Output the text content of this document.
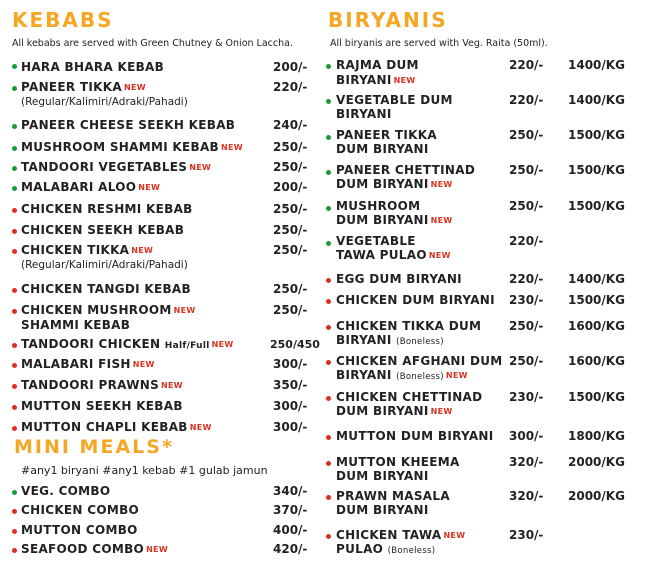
KEBABS
All kebabs are served with Green Chutney & Onion Laccha.
HARA BHARA KEBAB	200/-
PANEER TIKKA NEW
(Regular/Kalimiri/Adraki/Pahadi)
220/-
PANEER CHEESE SEEKH KEBAB	240/-
MUSHROOM SHAMMI KEBAB NEW	250/-
TANDOORI VEGETABLES NEW	250/-
MALABARI ALOO NEW	200/-
CHICKEN RESHMI KEBAB	250/-
CHICKEN SEEKH KEBAB	250/-
CHICKEN TIKKA NEW
(Regular/Kalimiri/Adraki/Pahadi)
250/-
CHICKEN TANGDI KEBAB	250/-
CHICKEN MUSHROOM NEW
SHAMMI KEBAB
250/-
TANDOORI CHICKEN Half/Full NEW	250/450
MALABARI FISH NEW	300/-
TANDOORI PRAWNS NEW	350/-
MUTTON SEEKH KEBAB	300/-
MUTTON CHAPLI KEBAB NEW	300/-
MINI MEALS*
#any1 biryani #any1 kebab #1 gulab jamun
VEG. COMBO	340/-
CHICKEN COMBO	370/-
MUTTON COMBO	400/-
SEAFOOD COMBO NEW	420/-
BIRYANIS
All biryanis are served with Veg. Raita (50ml).
RAJMA DUM
BIRYANI NEW
220/- 1400/KG
VEGETABLE DUM
BIRYANI
220/- 1400/KG
PANEER TIKKA
DUM BIRYANI
250/- 1500/KG
PANEER CHETTINAD
DUM BIRYANI NEW
250/- 1500/KG
MUSHROOM
DUM BIRYANI NEW
250/- 1500/KG
VEGETABLE
TAWA PULAO NEW
220/-
EGG DUM BIRYANI	220/- 1400/KG
CHICKEN DUM BIRYANI 230/- 1500/KG
CHICKEN TIKKA DUM
BIRYANI (Boneless)
250/- 1600/KG
CHICKEN AFGHANI DUM
BIRYANI (Boneless) NEW
250/- 1600/KG
CHICKEN CHETTINAD
DUM BIRYANI NEW
230/- 1500/KG
MUTTON DUM BIRYANI 300/- 1800/KG
MUTTON KHEEMA
DUM BIRYANI
320/- 2000/KG
PRAWN MASALA
DUM BIRYANI
320/- 2000/KG
CHICKEN TAWA NEW
PULAO (Boneless)
230/-
